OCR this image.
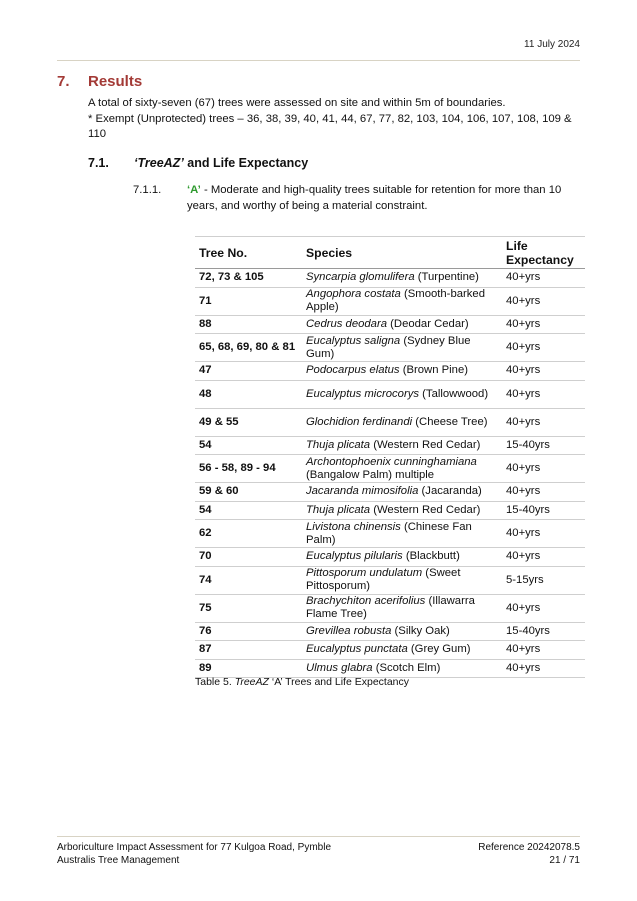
11 July 2024
7. Results
A total of sixty-seven (67) trees were assessed on site and within 5m of boundaries.
* Exempt (Unprotected) trees – 36, 38, 39, 40, 41, 44, 67, 77, 82, 103, 104, 106, 107, 108, 109 & 110
7.1. ‘TreeAZ’ and Life Expectancy
7.1.1. ‘A’ - Moderate and high-quality trees suitable for retention for more than 10 years, and worthy of being a material constraint.
Tree No.	Species	Life Expectancy
72, 73 & 105	Syncarpia glomulifera (Turpentine)	40+yrs
71	Angophora costata (Smooth-barked Apple)	40+yrs
88	Cedrus deodara (Deodar Cedar)	40+yrs
65, 68, 69, 80 & 81	Eucalyptus saligna (Sydney Blue Gum)	40+yrs
47	Podocarpus elatus (Brown Pine)	40+yrs
48	Eucalyptus microcorys (Tallowwood)	40+yrs
49 & 55	Glochidion ferdinandi (Cheese Tree)	40+yrs
54	Thuja plicata (Western Red Cedar)	15-40yrs
56 - 58, 89 - 94	Archontophoenix cunninghamiana (Bangalow Palm) multiple	40+yrs
59 & 60	Jacaranda mimosifolia (Jacaranda)	40+yrs
54	Thuja plicata (Western Red Cedar)	15-40yrs
62	Livistona chinensis (Chinese Fan Palm)	40+yrs
70	Eucalyptus pilularis (Blackbutt)	40+yrs
74	Pittosporum undulatum (Sweet Pittosporum)	5-15yrs
75	Brachychiton acerifolius (Illawarra Flame Tree)	40+yrs
76	Grevillea robusta (Silky Oak)	15-40yrs
87	Eucalyptus punctata (Grey Gum)	40+yrs
89	Ulmus glabra (Scotch Elm)	40+yrs
Table 5. TreeAZ ‘A’ Trees and Life Expectancy
Arboriculture Impact Assessment for 77 Kulgoa Road, Pymble
Australis Tree Management
Reference 20242078.5
21 / 71
